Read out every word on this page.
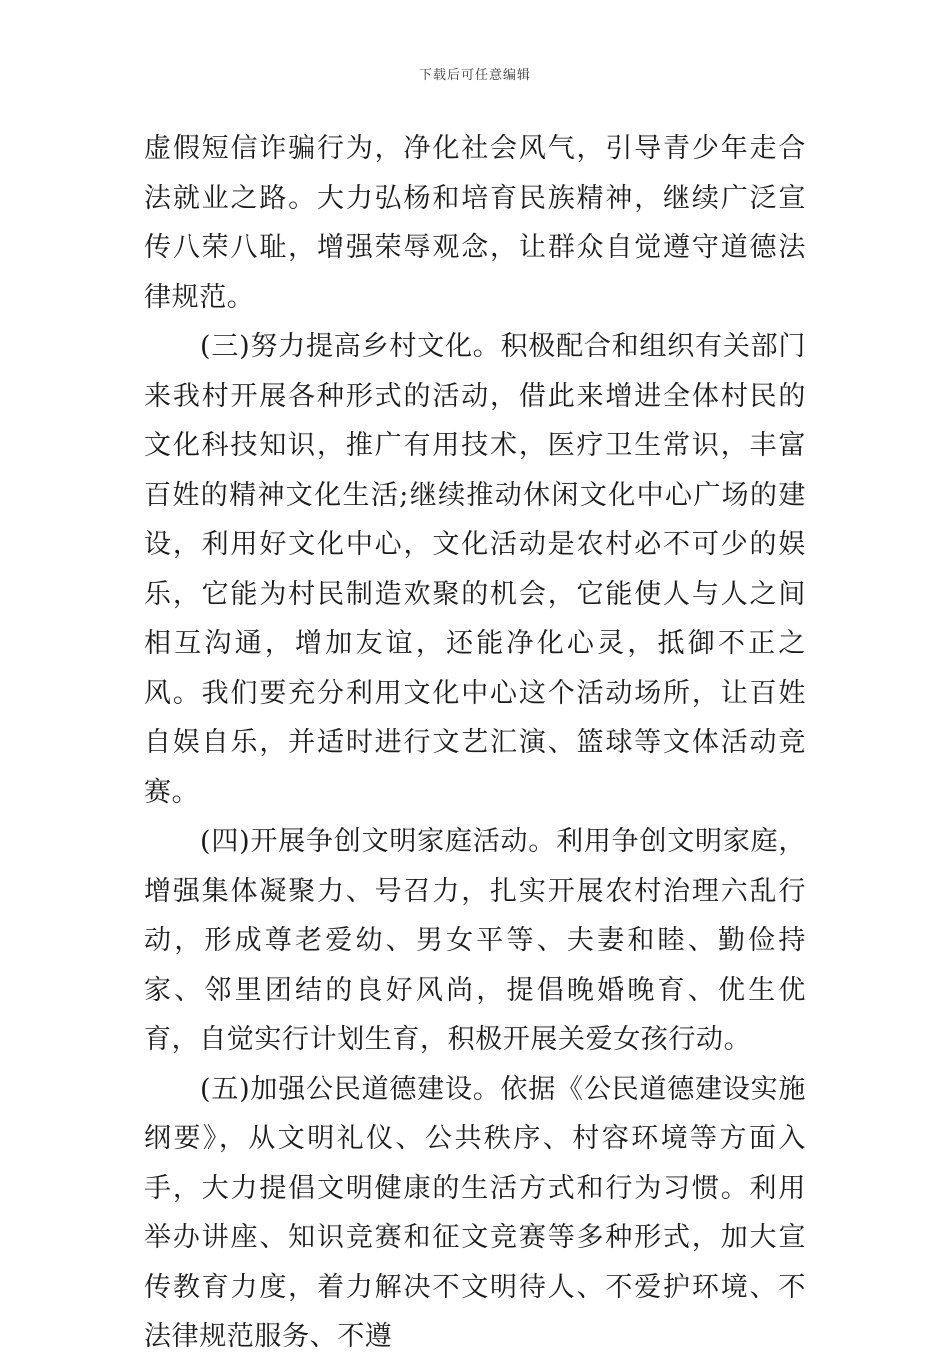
下载后可任意编辑

虚假短信诈骗行为，净化社会风气，引导青少年走合法就业之路。大力弘杨和培育民族精神，继续广泛宣传八荣八耻，增强荣辱观念，让群众自觉遵守道德法律规范。

(三)努力提高乡村文化。积极配合和组织有关部门来我村开展各种形式的活动，借此来增进全体村民的文化科技知识，推广有用技术，医疗卫生常识，丰富百姓的精神文化生活;继续推动休闲文化中心广场的建设，利用好文化中心，文化活动是农村必不可少的娱乐，它能为村民制造欢聚的机会，它能使人与人之间相互沟通，增加友谊，还能净化心灵，抵御不正之风。我们要充分利用文化中心这个活动场所，让百姓自娱自乐，并适时进行文艺汇演、篮球等文体活动竞赛。

(四)开展争创文明家庭活动。利用争创文明家庭，增强集体凝聚力、号召力，扎实开展农村治理六乱行动，形成尊老爱幼、男女平等、夫妻和睦、勤俭持家、邻里团结的良好风尚，提倡晚婚晚育、优生优育，自觉实行计划生育，积极开展关爱女孩行动。

(五)加强公民道德建设。依据《公民道德建设实施纲要》，从文明礼仪、公共秩序、村容环境等方面入手，大力提倡文明健康的生活方式和行为习惯。利用举办讲座、知识竞赛和征文竞赛等多种形式，加大宣传教育力度，着力解决不文明待人、不爱护环境、不法律规范服务、不遵
